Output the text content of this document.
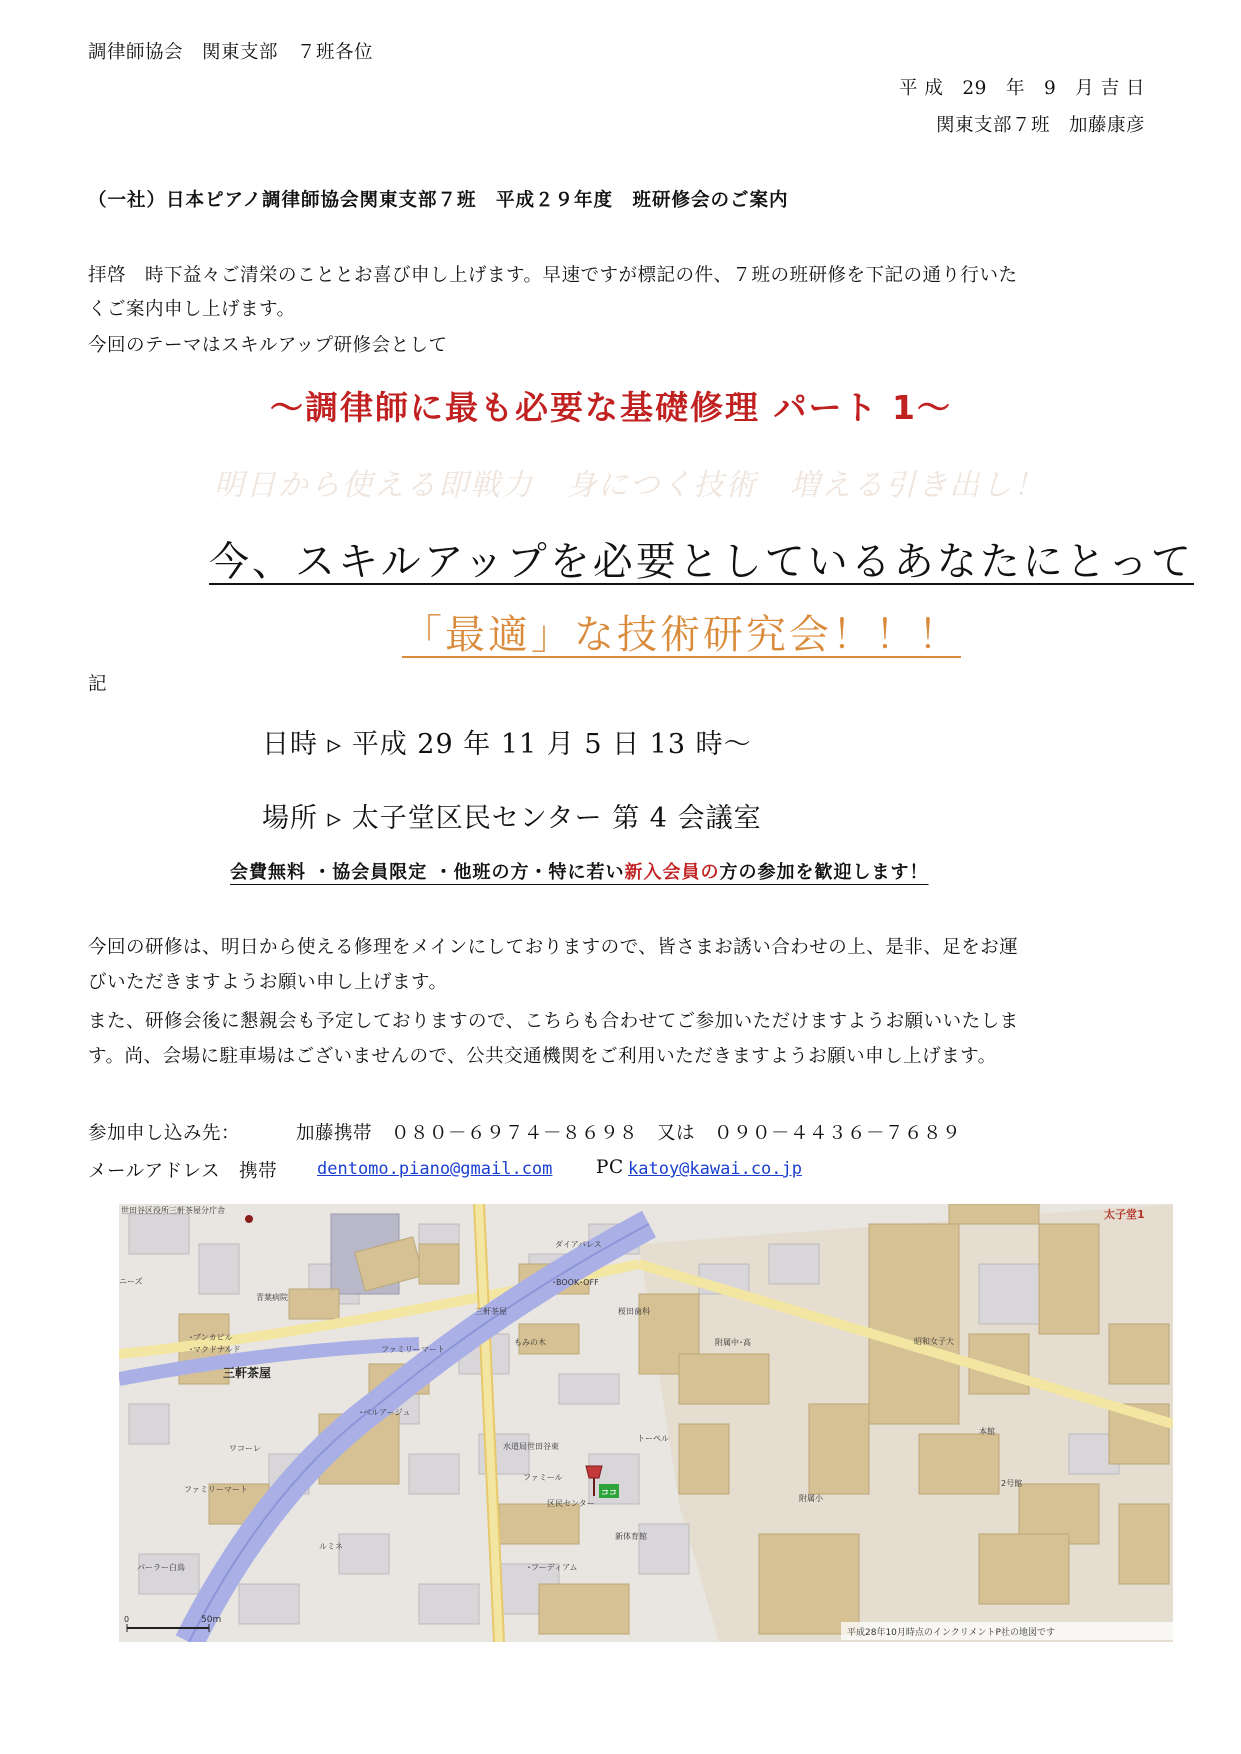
調律師協会　関東支部　７班各位
平 成　29　年　9　月 吉 日
関東支部７班　加藤康彦
（一社）日本ピアノ調律師協会関東支部７班　平成２９年度　班研修会のご案内
拝啓　時下益々ご清栄のこととお喜び申し上げます。早速ですが標記の件、７班の班研修を下記の通り行いた
くご案内申し上げます。
今回のテーマはスキルアップ研修会として
～調律師に最も必要な基礎修理 パート 1～
明日から使える即戦力　身につく技術　増える引き出し！
今、スキルアップを必要としているあなたにとって
「最適」な技術研究会！！！
記
日時 ▹ 平成 29 年 11 月 5 日 13 時～
場所 ▹ 太子堂区民センター 第 4 会議室
会費無料 ・協会員限定 ・他班の方・特に若い新入会員の方の参加を歓迎します！
今回の研修は、明日から使える修理をメインにしておりますので、皆さまお誘い合わせの上、是非、足をお運
びいただきますようお願い申し上げます。
また、研修会後に懇親会も予定しておりますので、こちらも合わせてご参加いただけますようお願いいたしま
す。尚、会場に駐車場はございませんので、公共交通機関をご利用いただきますようお願い申し上げます。
参加申し込み先：	加藤携帯　０８０－６９７４－８６９８　又は　０９０－４４３６－７６８９
メールアドレス　携帯 dentomo.piano@gmail.com PC katoy@kawai.co.jp
世田谷区役所三軒茶屋分庁舎	太子堂1
ダイアパレス
･BOOK･OFF
青葉病院
三軒茶屋	桜田歯科
もみの木	昭和女子大
附属中･高
ファミリーマート
･ブンカビル
･マクドナルド
三軒茶屋
ニーズ
･ベルアージュ
水道局世田谷東
トーペル
本館
ワコーレ
ファミリーマート
ファミール
区民センター
ココ
附属小
2号館
新体育館
ルミネ
パーラー白鳥	･フーディアム
0	50m
平成28年10月時点のインクリメントP社の地図です
